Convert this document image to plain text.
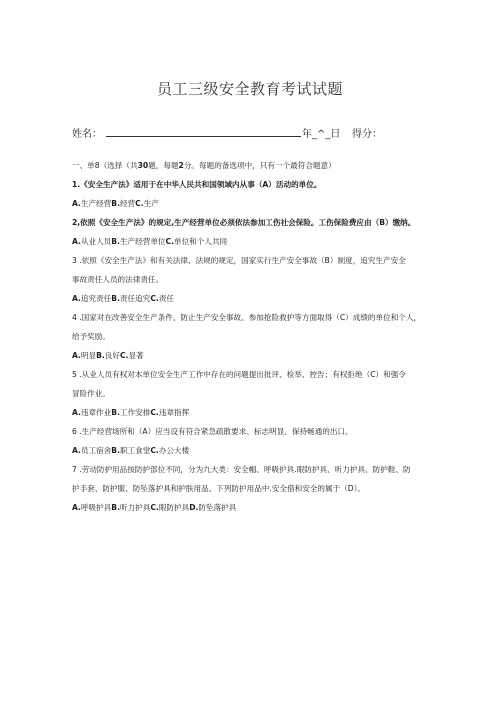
员工三级安全教育考试试题
姓名：	年_^_日 得分：

一、单8（选择（共30题，每题2分。每题的备选项中，只有一个最符合题意）

1.《安全生产法》适用于在中华人民共和国领域内从事（A）活动的单位。

A.生产经营B.经营C.生产

2,依照《安全生产法》的规定,生产经营单位必须依法参加工伤社会保险。工伤保险费应由（B）缴纳。

A.从业人员B.生产经营单位C.单位和个人共同

3 .依照《安全生产法》和有关法律、法规的规定，国家实行生产安全事故（B）制度，追究生产安全

事故责任人员的法律责任。

A.追究责任B.责任追究C.责任

4 .国家对在改善安全生产条件、防止生产安全事故、参加抢险救护等方面取得（C）成绩的单位和个人，

给予奖励。

A.明显B.良好C.显著

5 .从业人员有权对本单位安全生产工作中存在的问题提出批评、检举、控告；有权拒绝（C）和强令

冒险作业。

A.违章作业B.工作安排C.违章指挥

6 .生产经营场所和（A）应当设有符合紧急疏散要求、标志明显、保持畅通的出口。

A.员工宿舍B.职工食堂C.办公大楼

7 .劳动防护用品按防护部位不同，分为九大类：安全帽、呼吸护具.眼防护具、听力护具、防护鞋、防

护手套、防护服、防坠落护具和护肤用品。下列防护用品中.安全借和安全的属于（D）。

A.呼吸护具B.听力护具C.眼防护具D.防坠落护具
